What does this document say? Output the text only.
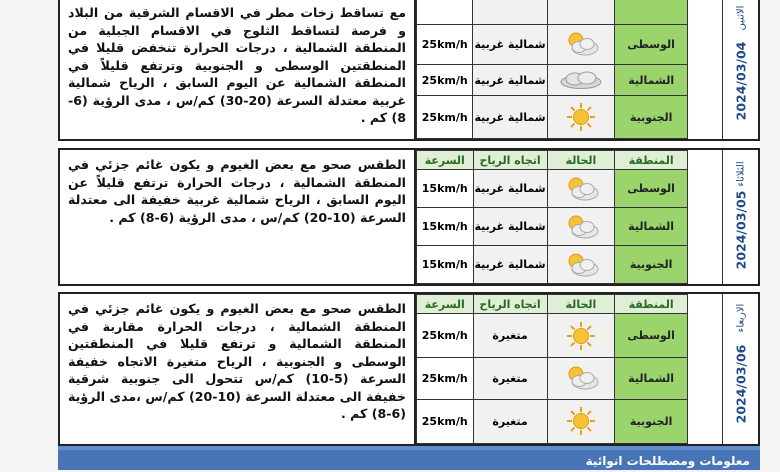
مع تساقط زخات مطر في الاقسام الشرقية من البلاد و فرصة لتساقط الثلوج في الاقسام الجبلية من المنطقة الشمالية ، درجات الحرارة تنخفض قليلا في المنطقتين الوسطى و الجنوبية وترتفع قليلاً في المنطقة الشمالية عن اليوم السابق ، الرياح شمالية غربية معتدلة السرعة (20-30) كم/س ، مدى الرؤية (6-8) كم .

25km/h	شمالية غربية		الوسطى
25km/h	شمالية غربية		الشمالية
25km/h	شمالية غربية		الجنوبية
الاثنين
2024/03/04
الطقس صحو مع بعض الغيوم و يكون غائم جزئي في المنطقة الشمالية ، درجات الحرارة ترتفع قليلاً عن اليوم السابق ، الرياح شمالية غربية خفيفة الى معتدلة السرعة (10-20) كم/س ، مدى الرؤية (6-8) كم .
السرعة	اتجاه الرياح	الحالة	المنطقة
15km/h	شمالية غربية		الوسطى
15km/h	شمالية غربية		الشمالية
15km/h	شمالية غربية		الجنوبية
الثلاثاء
2024/03/05
الطقس صحو مع بعض الغيوم و يكون غائم جزئي في المنطقة الشمالية ، درجات الحرارة مقاربة في المنطقة الشمالية و ترتفع قليلا في المنطقتين الوسطى و الجنوبية ، الرياح متغيرة الاتجاه خفيفة السرعة (5-10) كم/س تتحول الى جنوبية شرقية خفيفة الى معتدلة السرعة (10-20) كم/س ،مدى الرؤية (6-8) كم .
السرعة	اتجاه الرياح	الحالة	المنطقة
25km/h	متغيرة		الوسطى
25km/h	متغيرة		الشمالية
25km/h	متغيرة		الجنوبية
الاربعاء
2024/03/06
معلومات ومصطلحات انوائية
